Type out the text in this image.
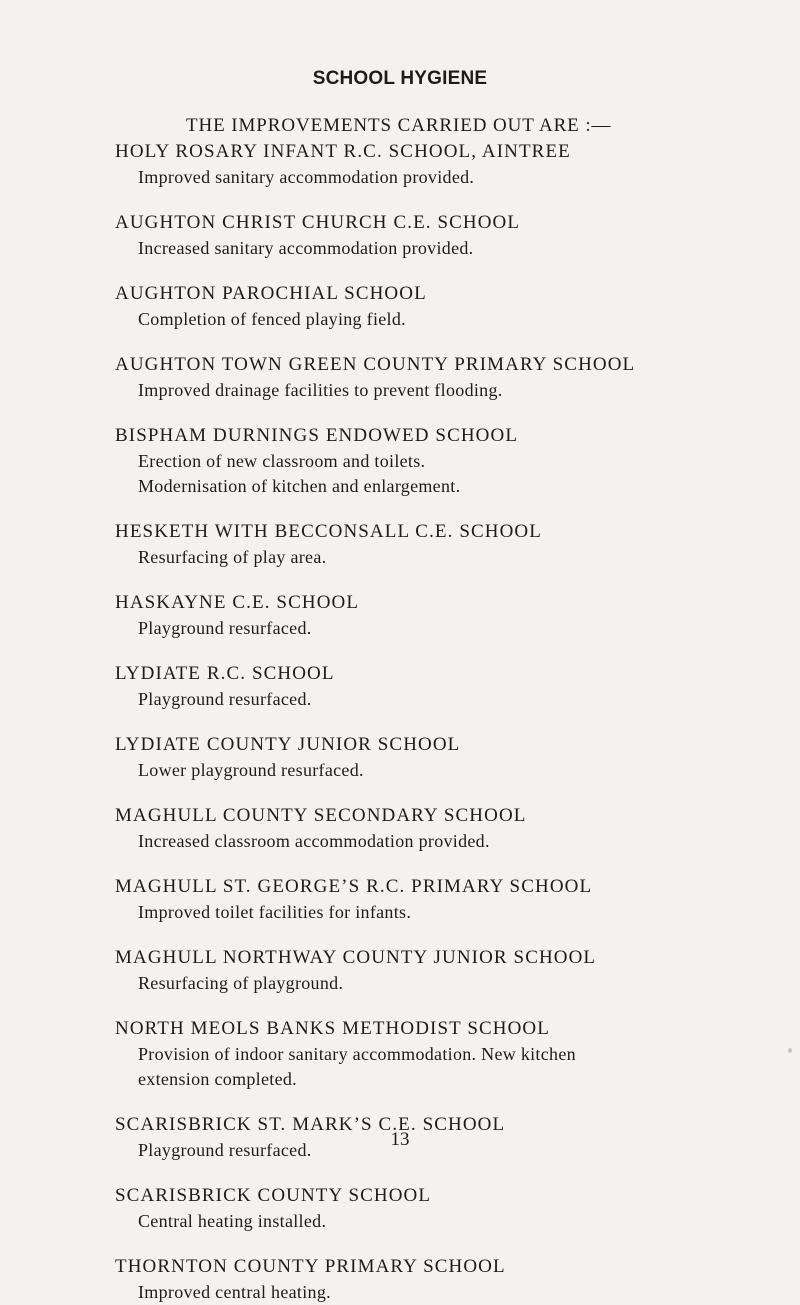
SCHOOL HYGIENE
THE IMPROVEMENTS CARRIED OUT ARE :—
HOLY ROSARY INFANT R.C. SCHOOL, AINTREE
Improved sanitary accommodation provided.
AUGHTON CHRIST CHURCH C.E. SCHOOL
Increased sanitary accommodation provided.
AUGHTON PAROCHIAL SCHOOL
Completion of fenced playing field.
AUGHTON TOWN GREEN COUNTY PRIMARY SCHOOL
Improved drainage facilities to prevent flooding.
BISPHAM DURNINGS ENDOWED SCHOOL
Erection of new classroom and toilets.
Modernisation of kitchen and enlargement.
HESKETH WITH BECCONSALL C.E. SCHOOL
Resurfacing of play area.
HASKAYNE C.E. SCHOOL
Playground resurfaced.
LYDIATE R.C. SCHOOL
Playground resurfaced.
LYDIATE COUNTY JUNIOR SCHOOL
Lower playground resurfaced.
MAGHULL COUNTY SECONDARY SCHOOL
Increased classroom accommodation provided.
MAGHULL ST. GEORGE’S R.C. PRIMARY SCHOOL
Improved toilet facilities for infants.
MAGHULL NORTHWAY COUNTY JUNIOR SCHOOL
Resurfacing of playground.
NORTH MEOLS BANKS METHODIST SCHOOL
Provision of indoor sanitary accommodation. New kitchen
extension completed.
SCARISBRICK ST. MARK’S C.E. SCHOOL
Playground resurfaced.
SCARISBRICK COUNTY SCHOOL
Central heating installed.
THORNTON COUNTY PRIMARY SCHOOL
Improved central heating.
13
